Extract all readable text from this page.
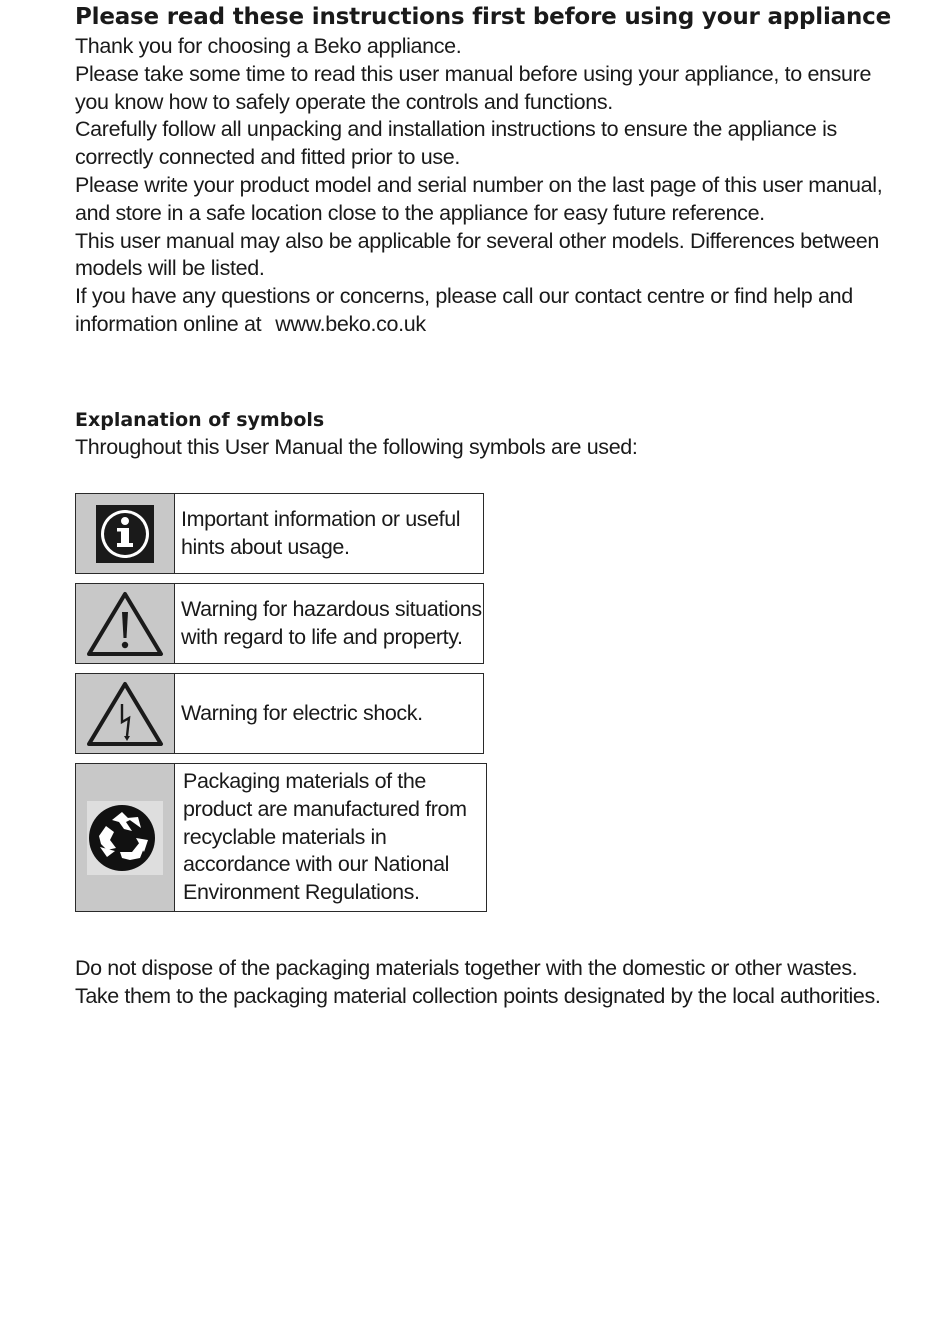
Please read these instructions first before using your appliance

Thank you for choosing a Beko appliance.

Please take some time to read this user manual before using your appliance, to ensure you know how to safely operate the controls and functions.

Carefully follow all unpacking and installation instructions to ensure the appliance is correctly connected and fitted prior to use.

Please write your product model and serial number on the last page of this user manual, and store in a safe location close to the appliance for easy future reference.

This user manual may also be applicable for several other models. Differences between models will be listed.

If you have any questions or concerns, please call our contact centre or find help and information online at www.beko.co.uk

Explanation of symbols

Throughout this User Manual the following symbols are used:

Important information or useful hints about usage.
Warning for hazardous situations with regard to life and property.
Warning for electric shock.
Packaging materials of the product are manufactured from recyclable materials in accordance with our National Environment Regulations.

Do not dispose of the packaging materials together with the domestic or other wastes.

Take them to the packaging material collection points designated by the local authorities.
